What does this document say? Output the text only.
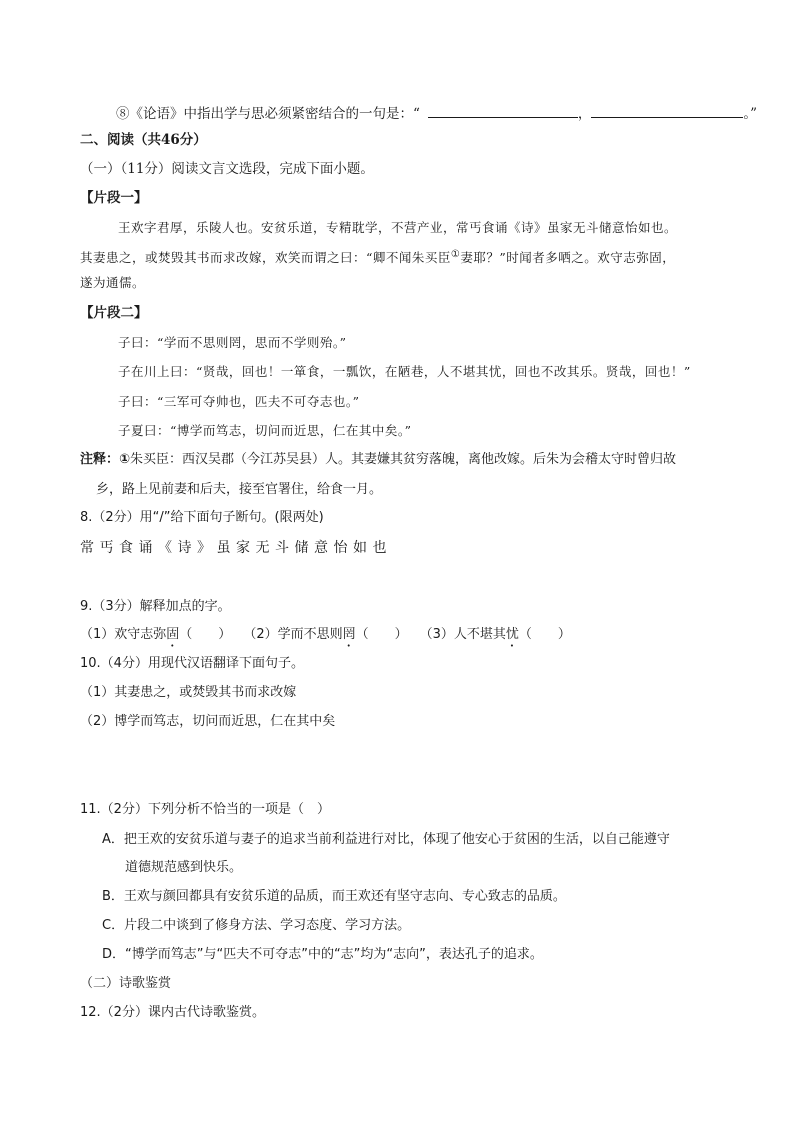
⑧《论语》中指出学与思必须紧密结合的一句是：“	，	。”
二、阅读（共46分）
（一）（11分）阅读文言文选段，完成下面小题。
【片段一】
王欢字君厚，乐陵人也。安贫乐道，专精耽学，不营产业，常丐食诵《诗》虽家无斗储意怡如也。
其妻患之，或焚毁其书而求改嫁，欢笑而谓之曰：“卿不闻朱买臣①妻耶？”时闻者多哂之。欢守志弥固，
遂为通儒。
【片段二】
子曰：“学而不思则罔，思而不学则殆。”
子在川上曰：“贤哉，回也！一箪食，一瓢饮，在陋巷，人不堪其忧，回也不改其乐。贤哉，回也！”
子曰：“三军可夺帅也，匹夫不可夺志也。”
子夏曰：“博学而笃志，切问而近思，仁在其中矣。”
注释：①朱买臣：西汉吴郡（今江苏吴县）人。其妻嫌其贫穷落魄，离他改嫁。后朱为会稽太守时曾归故
乡，路上见前妻和后夫，接至官署住，给食一月。
8.（2分）用“/”给下面句子断句。(限两处)
常丐食诵《诗》虽家无斗储意怡如也
9.（3分）解释加点的字。
（1）欢守志弥固（　　） （2）学而不思则罔（　　） （3）人不堪其忧（　　）
10.（4分）用现代汉语翻译下面句子。
（1）其妻患之，或焚毁其书而求改嫁
（2）博学而笃志，切问而近思，仁在其中矣
11.（2分）下列分析不恰当的一项是（　）
A．把王欢的安贫乐道与妻子的追求当前利益进行对比，体现了他安心于贫困的生活，以自己能遵守
道德规范感到快乐。
B．王欢与颜回都具有安贫乐道的品质，而王欢还有坚守志向、专心致志的品质。
C．片段二中谈到了修身方法、学习态度、学习方法。
D．“博学而笃志”与“匹夫不可夺志”中的“志”均为“志向”，表达孔子的追求。
（二）诗歌鉴赏
12.（2分）课内古代诗歌鉴赏。
